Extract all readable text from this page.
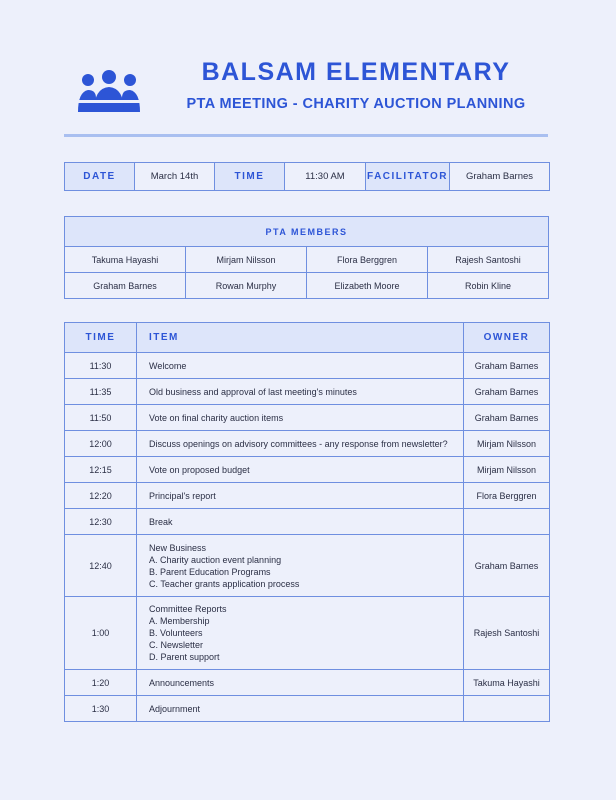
BALSAM ELEMENTARY
PTA MEETING - CHARITY AUCTION PLANNING
DATE	March 14th	TIME	11:30 AM	FACILITATOR	Graham Barnes
PTA MEMBERS			
Takuma Hayashi	Mirjam Nilsson	Flora Berggren	Rajesh Santoshi
Graham Barnes	Rowan Murphy	Elizabeth Moore	Robin Kline
TIME	ITEM	OWNER
11:30	Welcome	Graham Barnes
11:35	Old business and approval of last meeting's minutes	Graham Barnes
11:50	Vote on final charity auction items	Graham Barnes
12:00	Discuss openings on advisory committees - any response from newsletter?	Mirjam Nilsson
12:15	Vote on proposed budget	Mirjam Nilsson
12:20	Principal's report	Flora Berggren
12:30	Break	

12:40	New Business
A. Charity auction event planning
B. Parent Education Programs
C. Teacher grants application process	Graham Barnes
1:00	Committee Reports
A. Membership
B. Volunteers
C. Newsletter
D. Parent support	Rajesh Santoshi
1:20	Announcements	Takuma Hayashi
1:30	Adjournment	
